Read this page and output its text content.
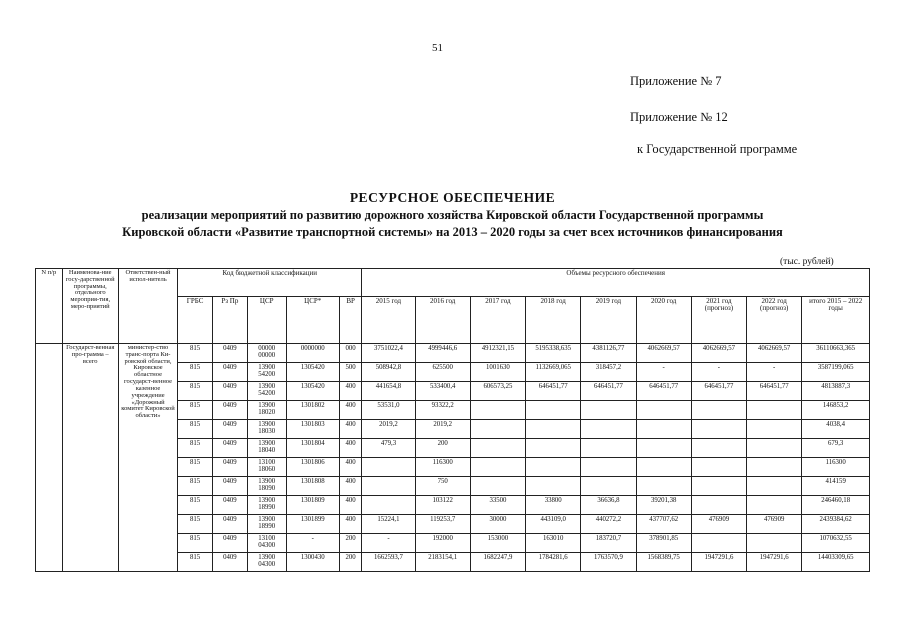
51
Приложение № 7
Приложение № 12
к Государственной программе
РЕСУРСНОЕ ОБЕСПЕЧЕНИЕ
реализации мероприятий по развитию дорожного хозяйства Кировской области Государственной программы
Кировской области «Развитие транспортной системы» на 2013 – 2020 годы за счет всех источников финансирования
(тыс. рублей)
N п/р	Наименова-ние госу-дарственной программы, отдельного мероприя-тия, меро-приятий	Ответствен-ный испол-нитель	Код бюджетной классификации					Объемы ресурсного обеспечения								
			ГРБС	Рз Пр	ЦСР	ЦСР*	ВР	2015 год	2016 год	2017 год	2018 год	2019 год	2020 год	2021 год (прогноз)	2022 год (прогноз)	итого 2015 – 2022 годы
	Государст-венная про-грамма – всего	министер-ство транс-порта Ки-ровской области, Кировское областное государст-венное казенное учреждение «Дорожный комитет Кировской области»	815	0409	00000 00000	0000000	000	3751022,4	4999446,6	4912321,15	5195338,635	4381126,77	4062669,57	4062669,57	4062669,57	36110663,365
			815	0409	13900 54200	1305420	500	508942,8	625500	1001630	1132669,065	318457,2	-	-	-	3587199,065
			815	0409	13900 54200	1305420	400	441654,8	533400,4	606573,25	646451,77	646451,77	646451,77	646451,77	646451,77	4813887,3
			815	0409	13900 18020	1301802	400	53531,0	93322,2							146853,2
			815	0409	13900 18030	1301803	400	2019,2	2019,2							4038,4
			815	0409	13900 18040	1301804	400	479,3	200							679,3
			815	0409	13100 18060	1301806	400		116300							116300
			815	0409	13900 18090	1301808	400		750							414159
			815	0409	13900 18990	1301809	400		103122	33500	33800	36636,8	39201,38			246460,18
			815	0409	13900 18990	1301899	400	15224,1	119253,7	30000	443109,0	440272,2	437707,62	476909	476909	2439384,62
			815	0409	13100 04300	-	200	-	192000	153000	163010	183720,7	378901,85			1070632,55
			815	0409	13900 04300	1300430	200	1662593,7	2183154,1	1682247,9	1784281,6	1763570,9	1568389,75	1947291,6	1947291,6	14403309,65
